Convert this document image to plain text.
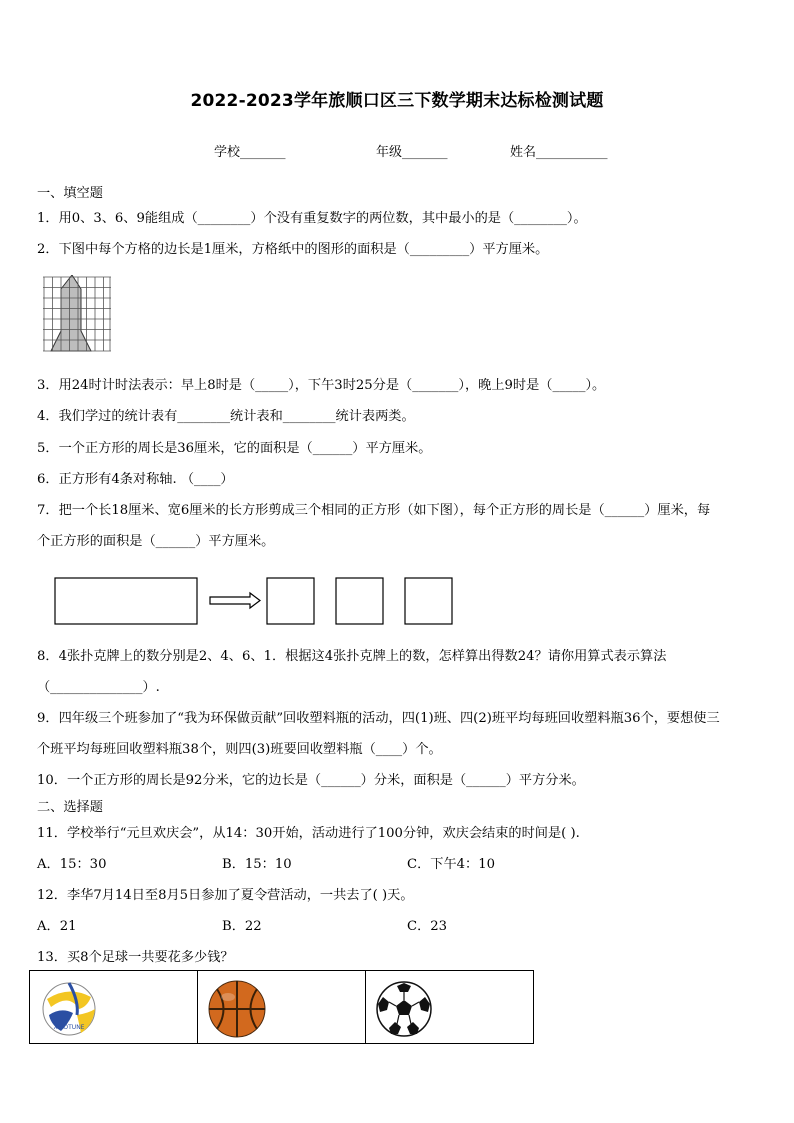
2022-2023学年旅顺口区三下数学期末达标检测试题
学校_______	年级_______	姓名___________
一、填空题
1．用0、3、6、9能组成（________）个没有重复数字的两位数，其中最小的是（________）。
2．下图中每个方格的边长是1厘米，方格纸中的图形的面积是（_________）平方厘米。
3．用24时计时法表示：早上8时是（_____），下午3时25分是（_______），晚上9时是（_____）。
4．我们学过的统计表有________统计表和________统计表两类。
5．一个正方形的周长是36厘米，它的面积是（______）平方厘米。
6．正方形有4条对称轴. （____）
7．把一个长18厘米、宽6厘米的长方形剪成三个相同的正方形（如下图），每个正方形的周长是（______）厘米，每
个正方形的面积是（______）平方厘米。
8．4张扑克牌上的数分别是2、4、6、1．根据这4张扑克牌上的数，怎样算出得数24？请你用算式表示算法
（______________）.
9．四年级三个班参加了“我为环保做贡献”回收塑料瓶的活动，四(1)班、四(2)班平均每班回收塑料瓶36个，要想使三
个班平均每班回收塑料瓶38个，则四(3)班要回收塑料瓶（____）个。
10．一个正方形的周长是92分米，它的边长是（______）分米，面积是（______）平方分米。
二、选择题
11．学校举行“元旦欢庆会”，从14：30开始，活动进行了100分钟，欢庆会结束的时间是( ).
A．15：30	B．15：10	C．下午4：10
12．李华7月14日至8月5日参加了夏令营活动，一共去了( )天。
A．21	B．22	C．23
13．买8个足球一共要花多少钱？
XIAOTUNE
